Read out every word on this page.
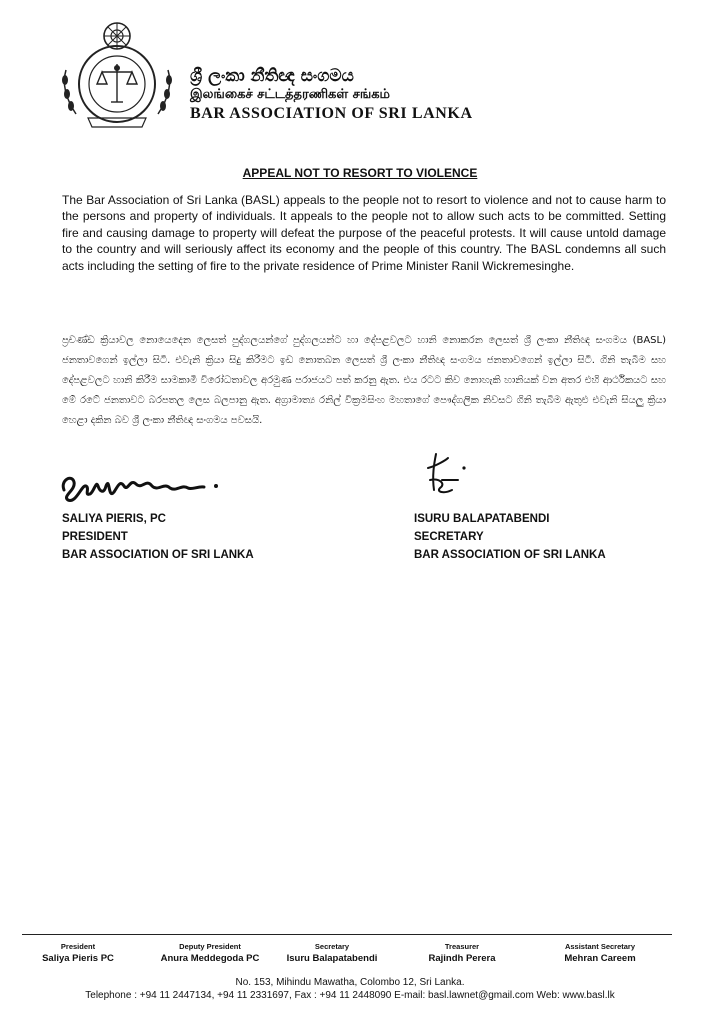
ශ්‍රී ලංකා නීතිඥ සංගමය
இலங்கைச் சட்டத்தரணிகள் சங்கம்
BAR ASSOCIATION OF SRI LANKA
APPEAL NOT TO RESORT TO VIOLENCE
The Bar Association of Sri Lanka (BASL) appeals to the people not to resort to violence and not to cause harm to the persons and property of individuals. It appeals to the people not to allow such acts to be committed. Setting fire and causing damage to property will defeat the purpose of the peaceful protests. It will cause untold damage to the country and will seriously affect its economy and the people of this country. The BASL condemns all such acts including the setting of fire to the private residence of Prime Minister Ranil Wickremesinghe.
ප්‍රචණ්ඩ ක්‍රියාවල නොයෙදෙන ලෙසත් පුද්ගලයන්ගේ පුද්ගලයන්ට හා දේපළවලට හානි නොකරන ලෙසත් ශ්‍රී ලංකා නීතිඥ සංගමය (BASL) ජනතාවගෙන් ඉල්ලා සිටී. එවැනි ක්‍රියා සිදු කිරීමට ඉඩ නොතබන ලෙසත් ශ්‍රී ලංකා නීතිඥ සංගමය ජනතාවගෙන් ඉල්ලා සිටී. ගිනි තැබීම සහ දේපළවලට හානි කිරීම සාමකාමී විරෝධතාවල අරමුණ පරාජයට පත් කරනු ඇත. එය රටට කිව නොහැකි හානියක් වන අතර එහි ආර්ථිකයට සහ මේ රටේ ජනතාවට බරපතල ලෙස බලපානු ඇත. අග්‍රාමාත්‍ය රනිල් වික්‍රමසිංහ මහතාගේ පෞද්ගලික නිවසට ගිනි තැබීම ඇතුළු එවැනි සියලු ක්‍රියා හෙළා දකින බව ශ්‍රී ලංකා නීතිඥ සංගමය පවසයි.
SALIYA PIERIS, PC
PRESIDENT
BAR ASSOCIATION OF SRI LANKA
ISURU BALAPATABENDI
SECRETARY
BAR ASSOCIATION OF SRI LANKA
President
Saliya Pieris PC
Deputy President
Anura Meddegoda PC
Secretary
Isuru Balapatabendi
Treasurer
Rajindh Perera
Assistant Secretary
Mehran Careem
No. 153, Mihindu Mawatha, Colombo 12, Sri Lanka.
Telephone : +94 11 2447134, +94 11 2331697, Fax : +94 11 2448090 E-mail: basl.lawnet@gmail.com Web: www.basl.lk
